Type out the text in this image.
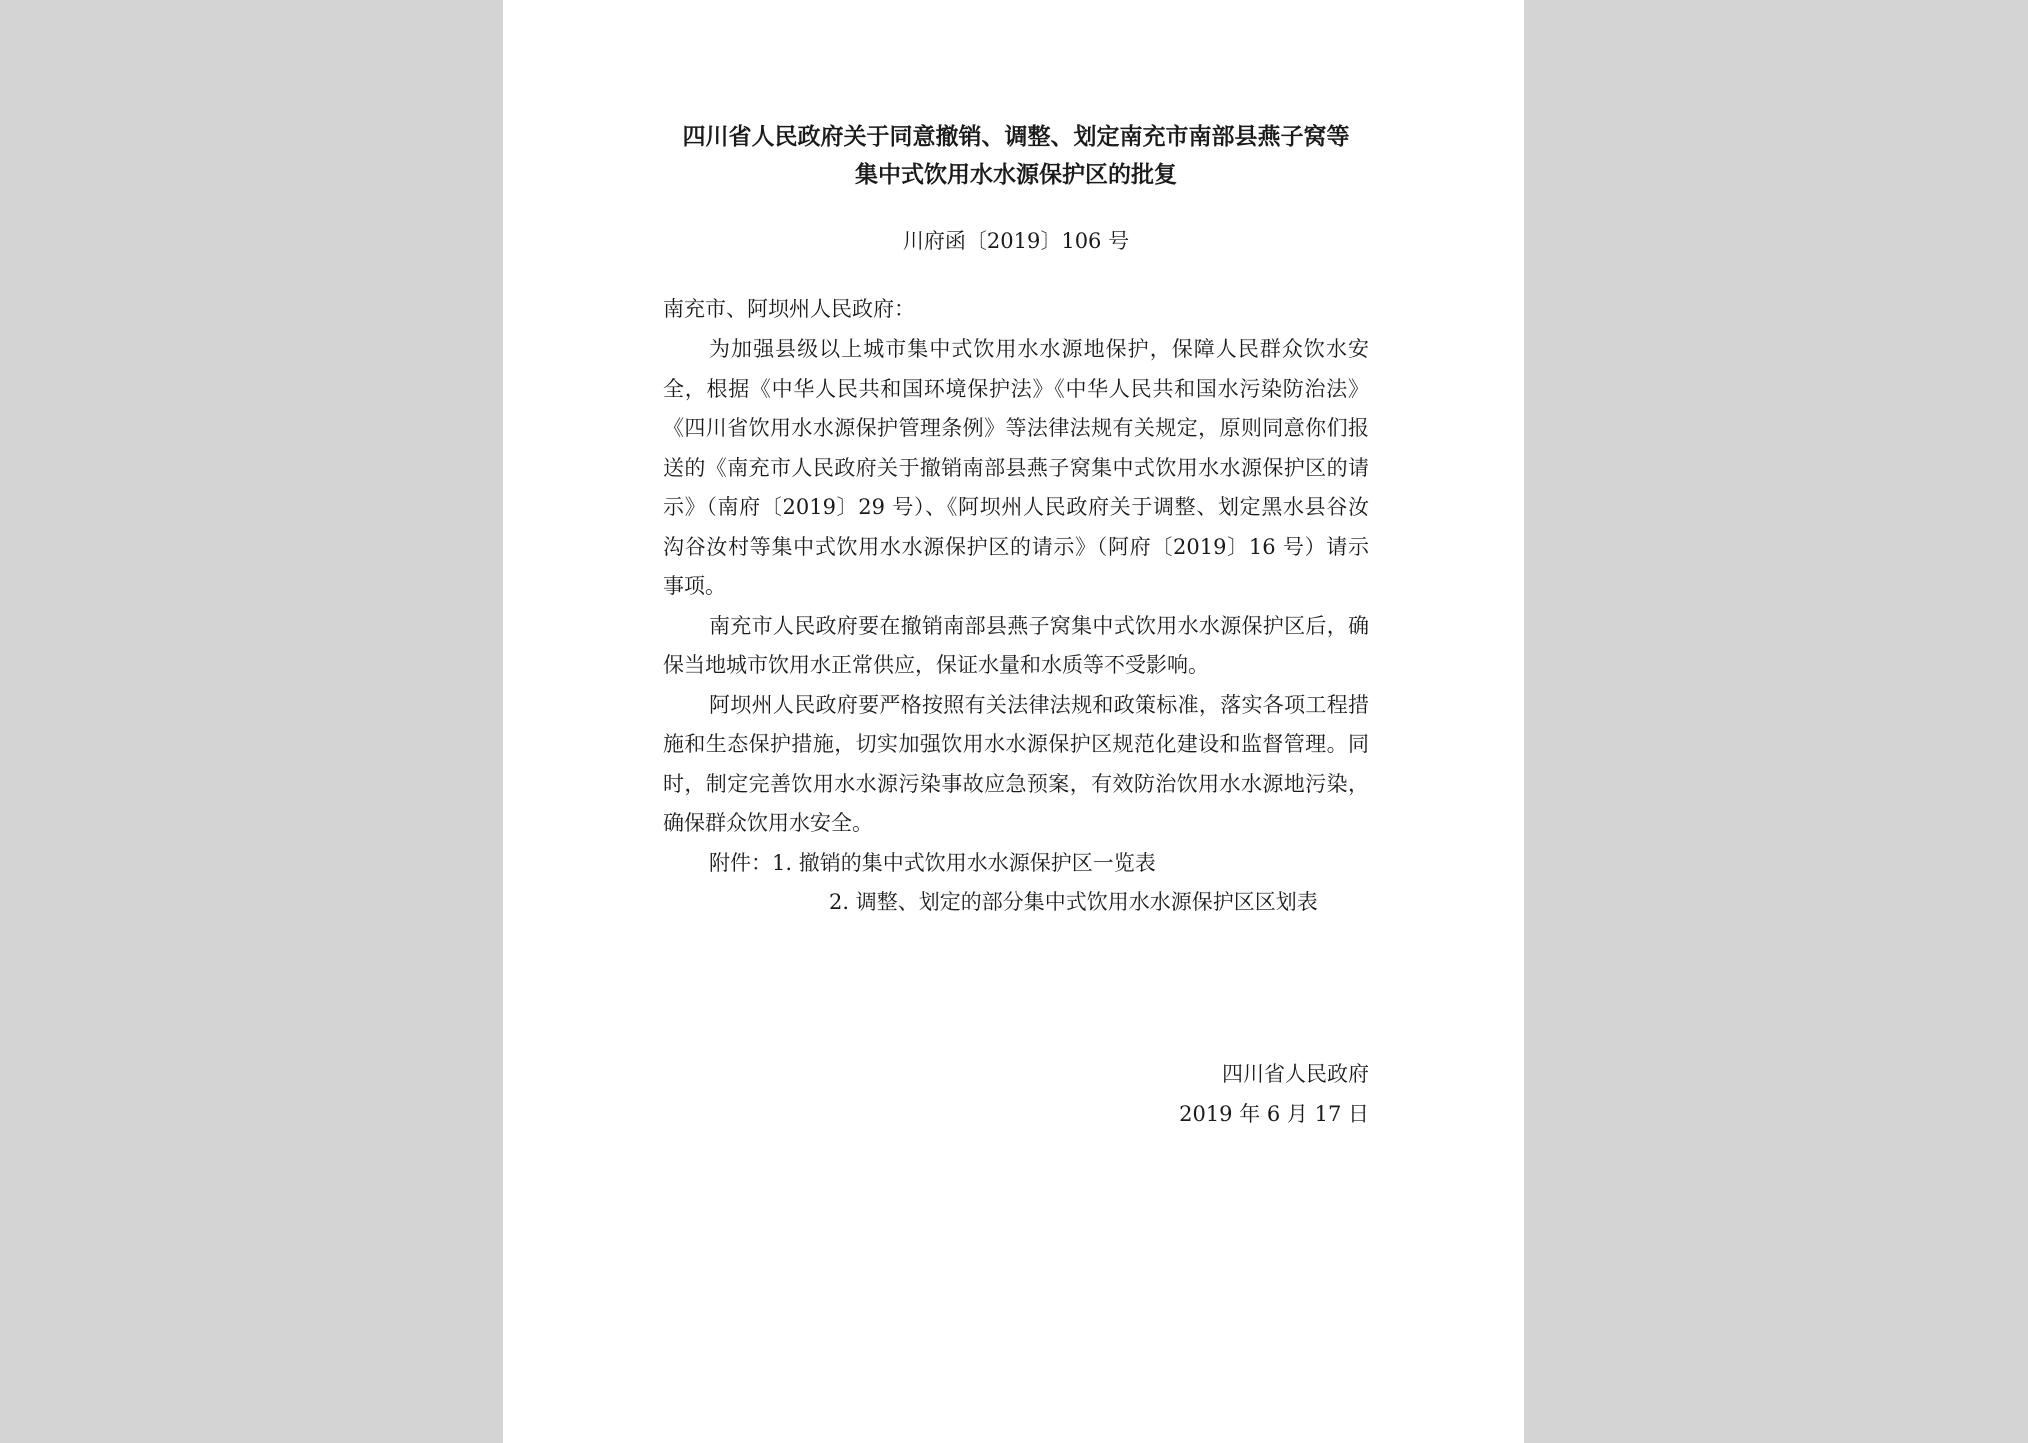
四川省人民政府关于同意撤销、调整、划定南充市南部县燕子窝等
集中式饮用水水源保护区的批复
川府函〔2019〕106 号
南充市、阿坝州人民政府：

为加强县级以上城市集中式饮用水水源地保护，保障人民群众饮水安全，根据《中华人民共和国环境保护法》《中华人民共和国水污染防治法》《四川省饮用水水源保护管理条例》等法律法规有关规定，原则同意你们报送的《南充市人民政府关于撤销南部县燕子窝集中式饮用水水源保护区的请示》（南府〔2019〕29 号）、《阿坝州人民政府关于调整、划定黑水县谷汝沟谷汝村等集中式饮用水水源保护区的请示》（阿府〔2019〕16 号）请示事项。

南充市人民政府要在撤销南部县燕子窝集中式饮用水水源保护区后，确保当地城市饮用水正常供应，保证水量和水质等不受影响。

阿坝州人民政府要严格按照有关法律法规和政策标准，落实各项工程措施和生态保护措施，切实加强饮用水水源保护区规范化建设和监督管理。同时，制定完善饮用水水源污染事故应急预案，有效防治饮用水水源地污染，确保群众饮用水安全。

附件： 1. 撤销的集中式饮用水水源保护区一览表
2. 调整、划定的部分集中式饮用水水源保护区区划表
四川省人民政府
2019 年 6 月 17 日
